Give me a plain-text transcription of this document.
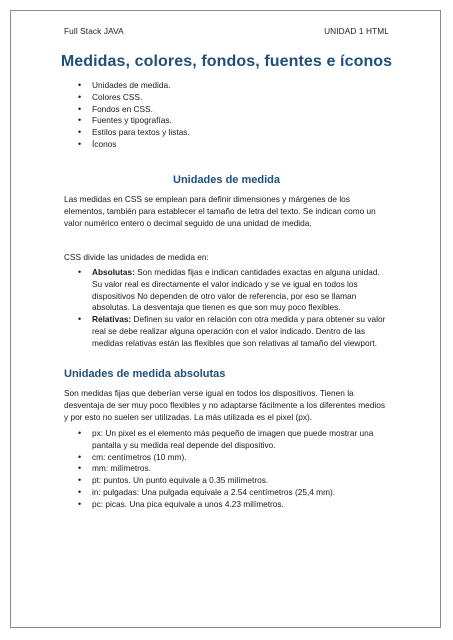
Full Stack JAVA	UNIDAD 1 HTML
Medidas, colores, fondos, fuentes e íconos
• Unidades de medida.
• Colores CSS.
• Fondos en CSS.
• Fuentes y tipografías.
• Estilos para textos y listas.
• Íconos
Unidades de medida
Las medidas en CSS se emplean para definir dimensiones y márgenes de los elementos, también para establecer el tamaño de letra del texto. Se indican como un valor numérico entero o decimal seguido de una unidad de medida.
CSS divide las unidades de medida en:
• Absolutas: Son medidas fijas e indican cantidades exactas en alguna unidad. Su valor real es directamente el valor indicado y se ve igual en todos los dispositivos No dependen de otro valor de referencia, por eso se llaman absolutas. La desventaja que tienen es que son muy poco flexibles.
• Relativas: Definen su valor en relación con otra medida y para obtener su valor real se debe realizar alguna operación con el valor indicado. Dentro de las medidas relativas están las flexibles que son relativas al tamaño del viewport.
Unidades de medida absolutas
Son medidas fijas que deberían verse igual en todos los dispositivos. Tienen la desventaja de ser muy poco flexibles y no adaptarse fácilmente a los diferentes medios y por esto no suelen ser utilizadas. La más utilizada es el pixel (px).
• px: Un pixel es el elemento más pequeño de imagen que puede mostrar una pantalla y su medida real depende del dispositivo.
• cm: centímetros (10 mm).
• mm: milímetros.
• pt: puntos. Un punto equivale a 0.35 milímetros.
• in: pulgadas: Una pulgada equivale a 2.54 centímetros (25,4 mm).
• pc: picas. Una pica equivale a unos 4.23 milímetros.
